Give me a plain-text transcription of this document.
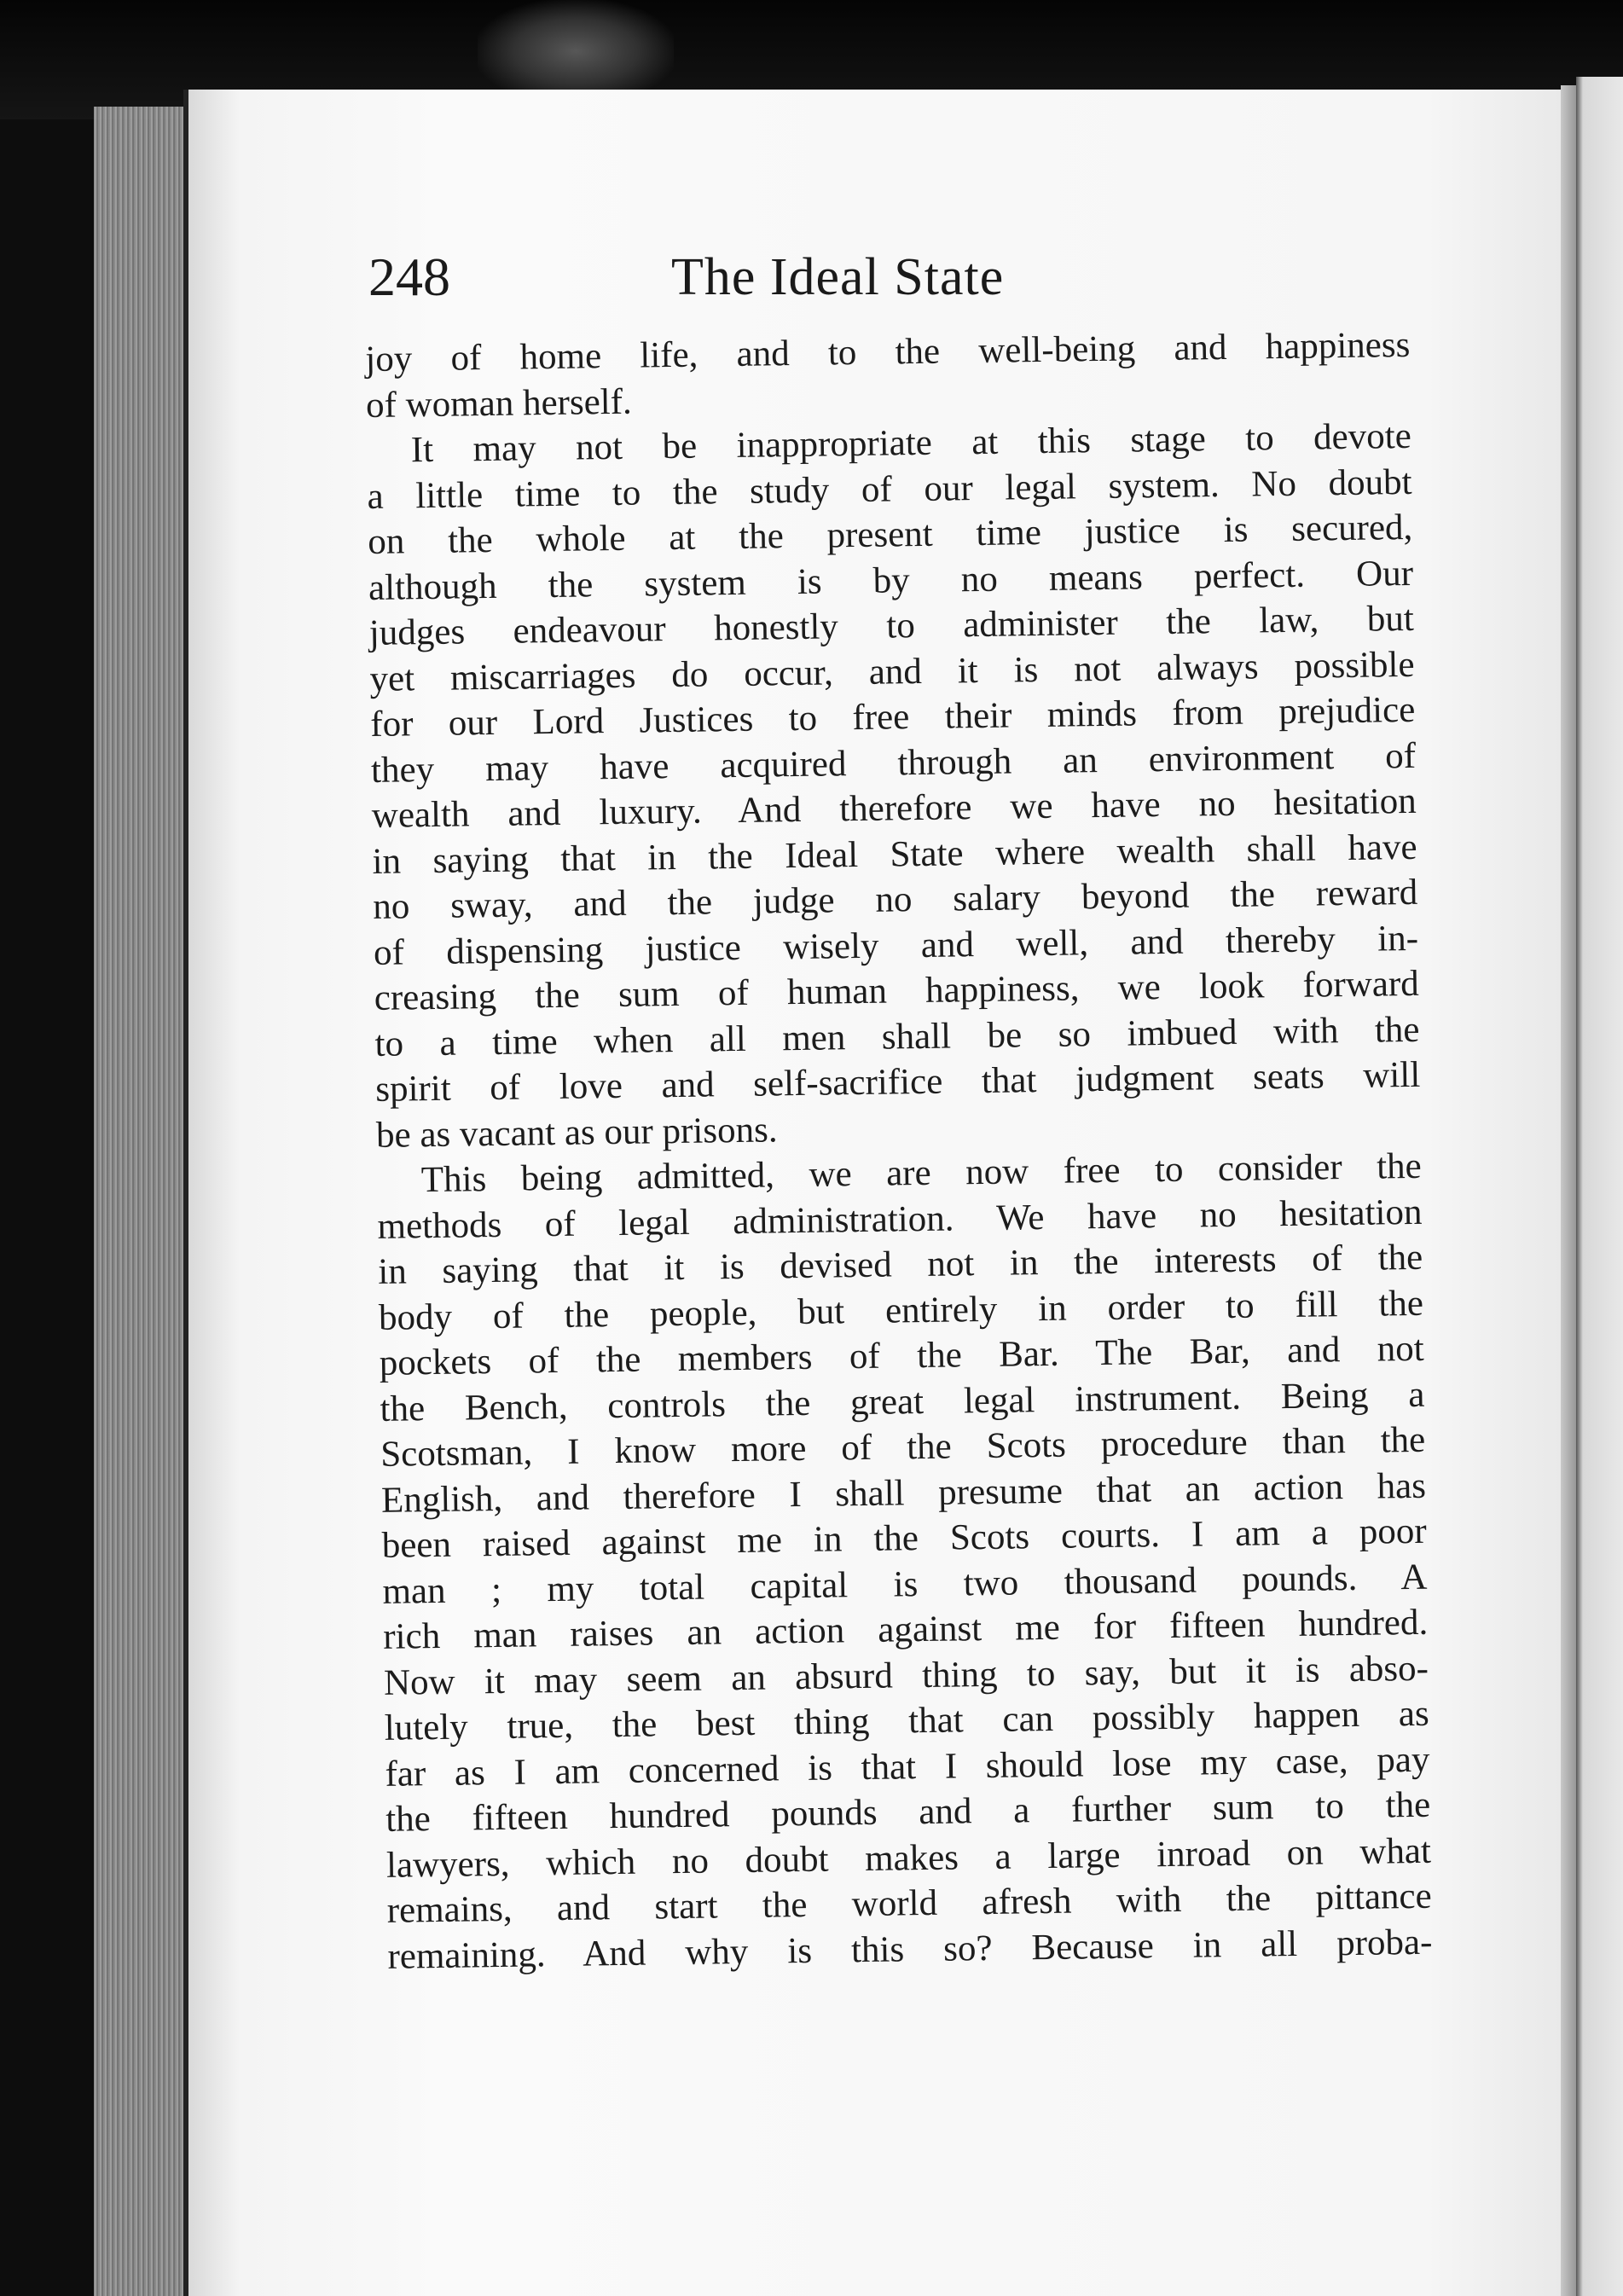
248	The Ideal State
joy of home life, and to the well-being and happiness
of woman herself.
It may not be inappropriate at this stage to devote
a little time to the study of our legal system. No doubt
on the whole at the present time justice is secured,
although the system is by no means perfect. Our
judges endeavour honestly to administer the law, but
yet miscarriages do occur, and it is not always possible
for our Lord Justices to free their minds from prejudice
they may have acquired through an environment of
wealth and luxury. And therefore we have no hesitation
in saying that in the Ideal State where wealth shall have
no sway, and the judge no salary beyond the reward
of dispensing justice wisely and well, and thereby in-
creasing the sum of human happiness, we look forward
to a time when all men shall be so imbued with the
spirit of love and self-sacrifice that judgment seats will
be as vacant as our prisons.
This being admitted, we are now free to consider the
methods of legal administration. We have no hesitation
in saying that it is devised not in the interests of the
body of the people, but entirely in order to fill the
pockets of the members of the Bar. The Bar, and not
the Bench, controls the great legal instrument. Being a
Scotsman, I know more of the Scots procedure than the
English, and therefore I shall presume that an action has
been raised against me in the Scots courts. I am a poor
man ; my total capital is two thousand pounds. A
rich man raises an action against me for fifteen hundred.
Now it may seem an absurd thing to say, but it is abso-
lutely true, the best thing that can possibly happen as
far as I am concerned is that I should lose my case, pay
the fifteen hundred pounds and a further sum to the
lawyers, which no doubt makes a large inroad on what
remains, and start the world afresh with the pittance
remaining. And why is this so? Because in all proba-
